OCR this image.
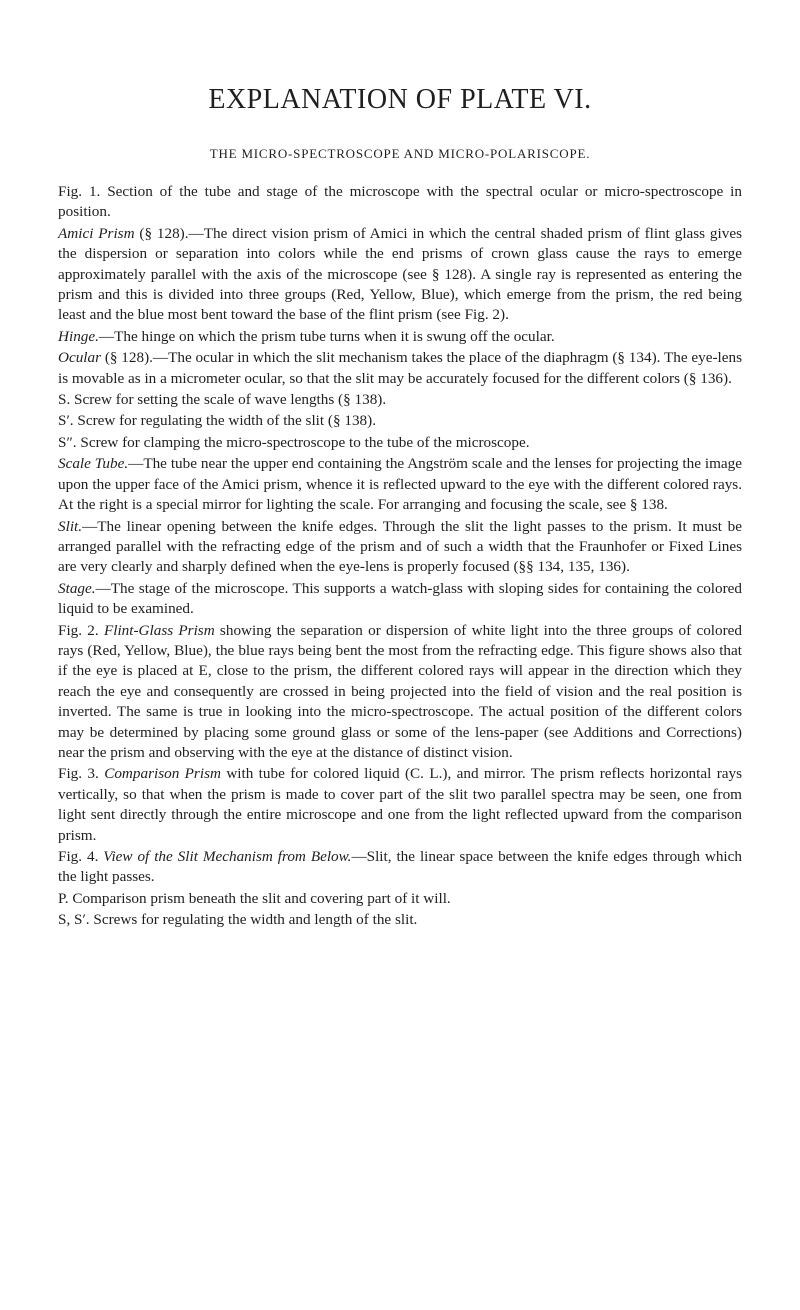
EXPLANATION OF PLATE VI.
THE MICRO-SPECTROSCOPE AND MICRO-POLARISCOPE.

Fig. 1. Section of the tube and stage of the microscope with the spectral ocular or micro-spectroscope in position.

Amici Prism (§ 128).—The direct vision prism of Amici in which the central shaded prism of flint glass gives the dispersion or separation into colors while the end prisms of crown glass cause the rays to emerge approximately parallel with the axis of the microscope (see § 128). A single ray is represented as entering the prism and this is divided into three groups (Red, Yellow, Blue), which emerge from the prism, the red being least and the blue most bent toward the base of the flint prism (see Fig. 2).

Hinge.—The hinge on which the prism tube turns when it is swung off the ocular.

Ocular (§ 128).—The ocular in which the slit mechanism takes the place of the diaphragm (§ 134). The eye-lens is movable as in a micrometer ocular, so that the slit may be accurately focused for the different colors (§ 136).

S. Screw for setting the scale of wave lengths (§ 138).

S′. Screw for regulating the width of the slit (§ 138).

S″. Screw for clamping the micro-spectroscope to the tube of the microscope.

Scale Tube.—The tube near the upper end containing the Angström scale and the lenses for projecting the image upon the upper face of the Amici prism, whence it is reflected upward to the eye with the different colored rays. At the right is a special mirror for lighting the scale. For arranging and focusing the scale, see § 138.

Slit.—The linear opening between the knife edges. Through the slit the light passes to the prism. It must be arranged parallel with the refracting edge of the prism and of such a width that the Fraunhofer or Fixed Lines are very clearly and sharply defined when the eye-lens is properly focused (§§ 134, 135, 136).

Stage.—The stage of the microscope. This supports a watch-glass with sloping sides for containing the colored liquid to be examined.

Fig. 2. Flint-Glass Prism showing the separation or dispersion of white light into the three groups of colored rays (Red, Yellow, Blue), the blue rays being bent the most from the refracting edge. This figure shows also that if the eye is placed at E, close to the prism, the different colored rays will appear in the direction which they reach the eye and consequently are crossed in being projected into the field of vision and the real position is inverted. The same is true in looking into the micro-spectroscope. The actual position of the different colors may be determined by placing some ground glass or some of the lens-paper (see Additions and Corrections) near the prism and observing with the eye at the distance of distinct vision.

Fig. 3. Comparison Prism with tube for colored liquid (C. L.), and mirror. The prism reflects horizontal rays vertically, so that when the prism is made to cover part of the slit two parallel spectra may be seen, one from light sent directly through the entire microscope and one from the light reflected upward from the comparison prism.

Fig. 4. View of the Slit Mechanism from Below.—Slit, the linear space between the knife edges through which the light passes.

P. Comparison prism beneath the slit and covering part of it will.

S, S′. Screws for regulating the width and length of the slit.
